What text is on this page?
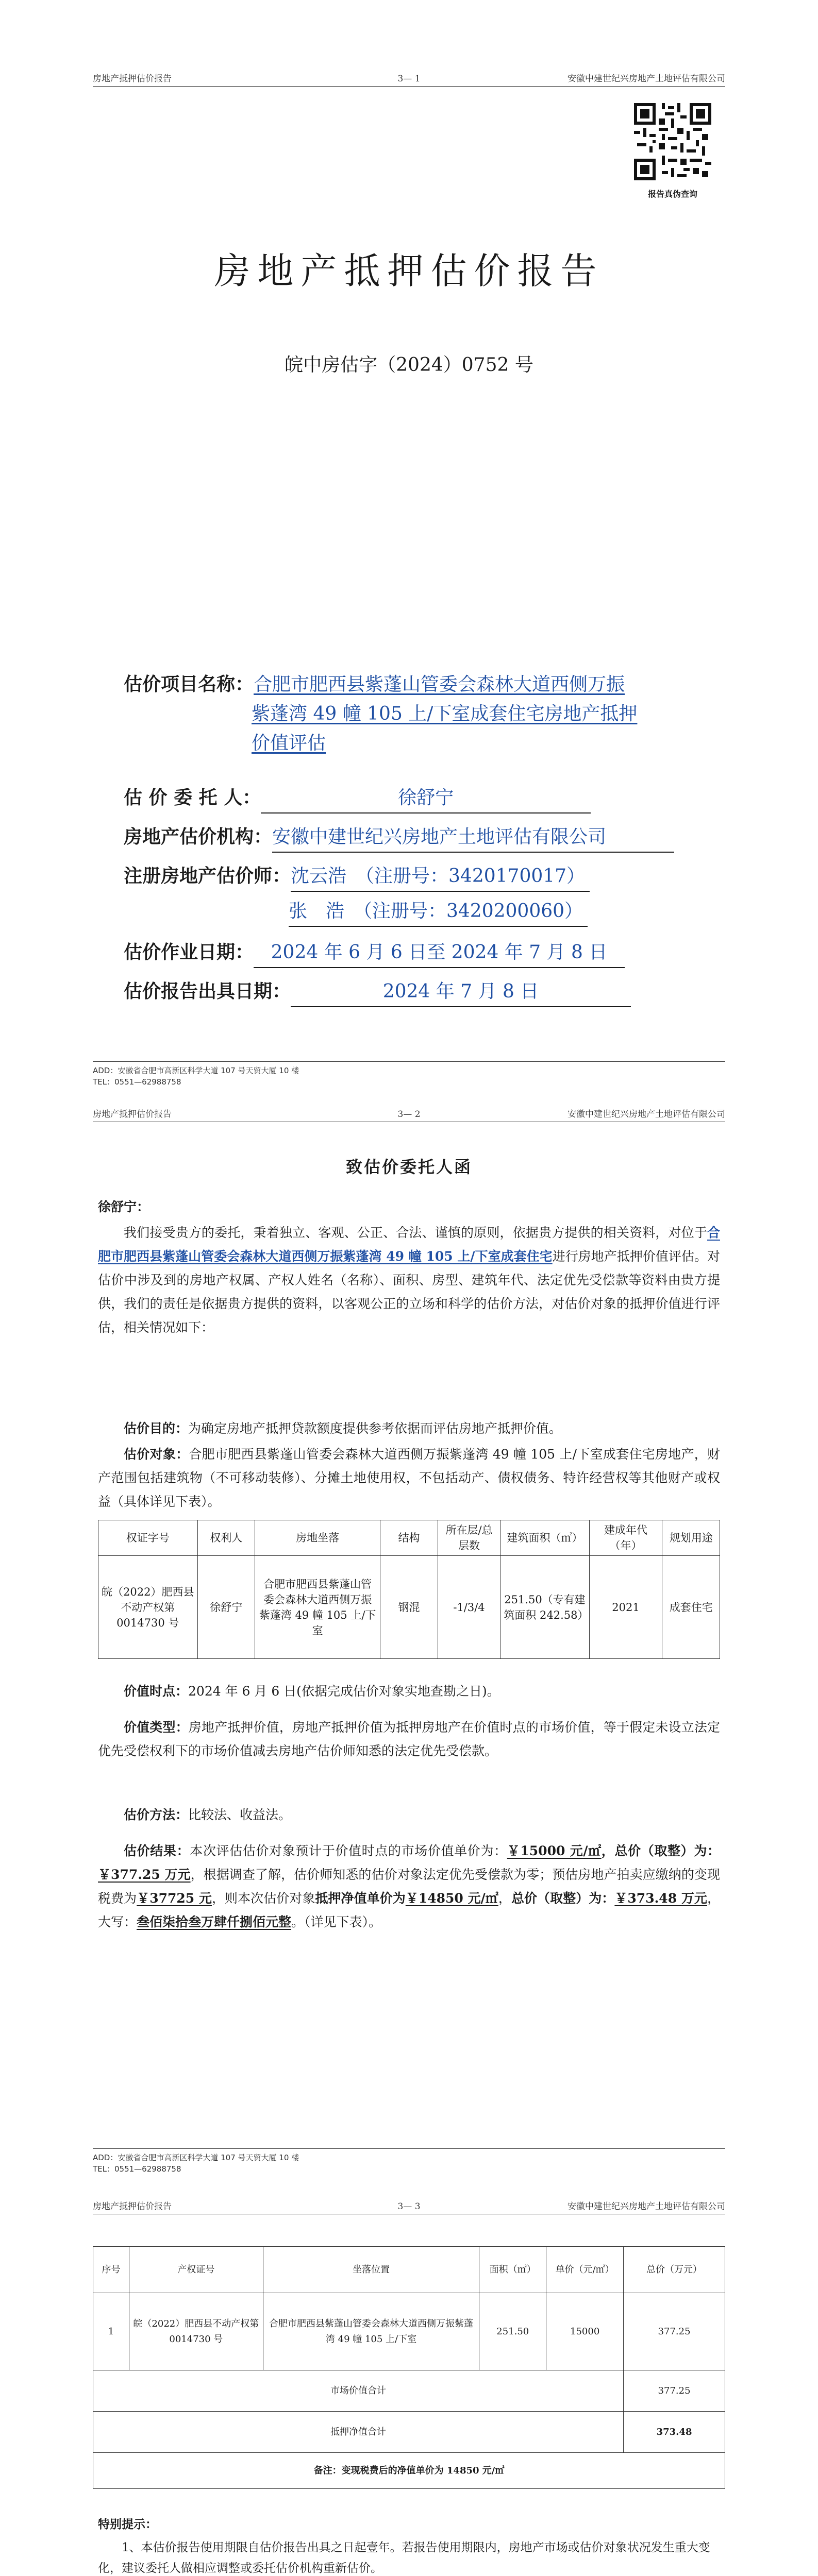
房地产抵押估价报告	3— 1	安徽中建世纪兴房地产土地评估有限公司
报告真伪查询
房地产抵押估价报告
皖中房估字（2024）0752 号
估价项目名称：合肥市肥西县紫蓬山管委会森林大道西侧万振
紫蓬湾 49 幢 105 上/下室成套住宅房地产抵押
价值评估
估 价 委 托 人：	徐舒宁
房地产估价机构：安徽中建世纪兴房地产土地评估有限公司
注册房地产估价师：沈云浩　（注册号：3420170017）
张　浩　（注册号：3420200060）
估价作业日期： 2024 年 6 月 6 日至 2024 年 7 月 8 日
估价报告出具日期：	2024 年 7 月 8 日
ADD：安徽省合肥市高新区科学大道 107 号天贸大厦 10 楼
TEL：0551—62988758
房地产抵押估价报告	3— 2	安徽中建世纪兴房地产土地评估有限公司
致估价委托人函
徐舒宁：
我们接受贵方的委托，秉着独立、客观、公正、合法、谨慎的原则，依据贵方提供的相关资料，对位于合肥市肥西县紫蓬山管委会森林大道西侧万振紫蓬湾 49 幢 105 上/下室成套住宅进行房地产抵押价值评估。对估价中涉及到的房地产权属、产权人姓名（名称）、面积、房型、建筑年代、法定优先受偿款等资料由贵方提供，我们的责任是依据贵方提供的资料，以客观公正的立场和科学的估价方法，对估价对象的抵押价值进行评估，相关情况如下：
估价目的：为确定房地产抵押贷款额度提供参考依据而评估房地产抵押价值。
估价对象：合肥市肥西县紫蓬山管委会森林大道西侧万振紫蓬湾 49 幢 105 上/下室成套住宅房地产，财产范围包括建筑物（不可移动装修）、分摊土地使用权，不包括动产、债权债务、特许经营权等其他财产或权益（具体详见下表）。
权证字号	权利人	房地坐落	结构	所在层/总层数	建筑面积（㎡）	建成年代（年）	规划用途
皖（2022）肥西县不动产权第 0014730 号	徐舒宁	合肥市肥西县紫蓬山管委会森林大道西侧万振紫蓬湾 49 幢 105 上/下室	钢混	-1/3/4	251.50（专有建筑面积 242.58）	2021	成套住宅
价值时点：2024 年 6 月 6 日(依据完成估价对象实地查勘之日)。
价值类型：房地产抵押价值，房地产抵押价值为抵押房地产在价值时点的市场价值，等于假定未设立法定优先受偿权利下的市场价值减去房地产估价师知悉的法定优先受偿款。
估价方法：比较法、收益法。
估价结果：本次评估估价对象预计于价值时点的市场价值单价为：￥15000 元/㎡，总价（取整）为：￥377.25 万元，根据调查了解，估价师知悉的估价对象法定优先受偿款为零；预估房地产拍卖应缴纳的变现税费为￥37725 元，则本次估价对象抵押净值单价为￥14850 元/㎡，总价（取整）为：￥373.48 万元，大写：叁佰柒拾叁万肆仟捌佰元整。（详见下表）。
ADD：安徽省合肥市高新区科学大道 107 号天贸大厦 10 楼
TEL：0551—62988758
房地产抵押估价报告	3— 3	安徽中建世纪兴房地产土地评估有限公司
序号	产权证号	坐落位置	面积（㎡）	单价（元/㎡）	总价（万元）
1	皖（2022）肥西县不动产权第 0014730 号	合肥市肥西县紫蓬山管委会森林大道西侧万振紫蓬湾 49 幢 105 上/下室	251.50	15000	377.25
市场价值合计					377.25
抵押净值合计					373.48
备注：变现税费后的净值单价为 14850 元/㎡					
特别提示：
1、本估价报告使用期限自估价报告出具之日起壹年。若报告使用期限内，房地产市场或估价对象状况发生重大变化，建议委托人做相应调整或委托估价机构重新估价。
